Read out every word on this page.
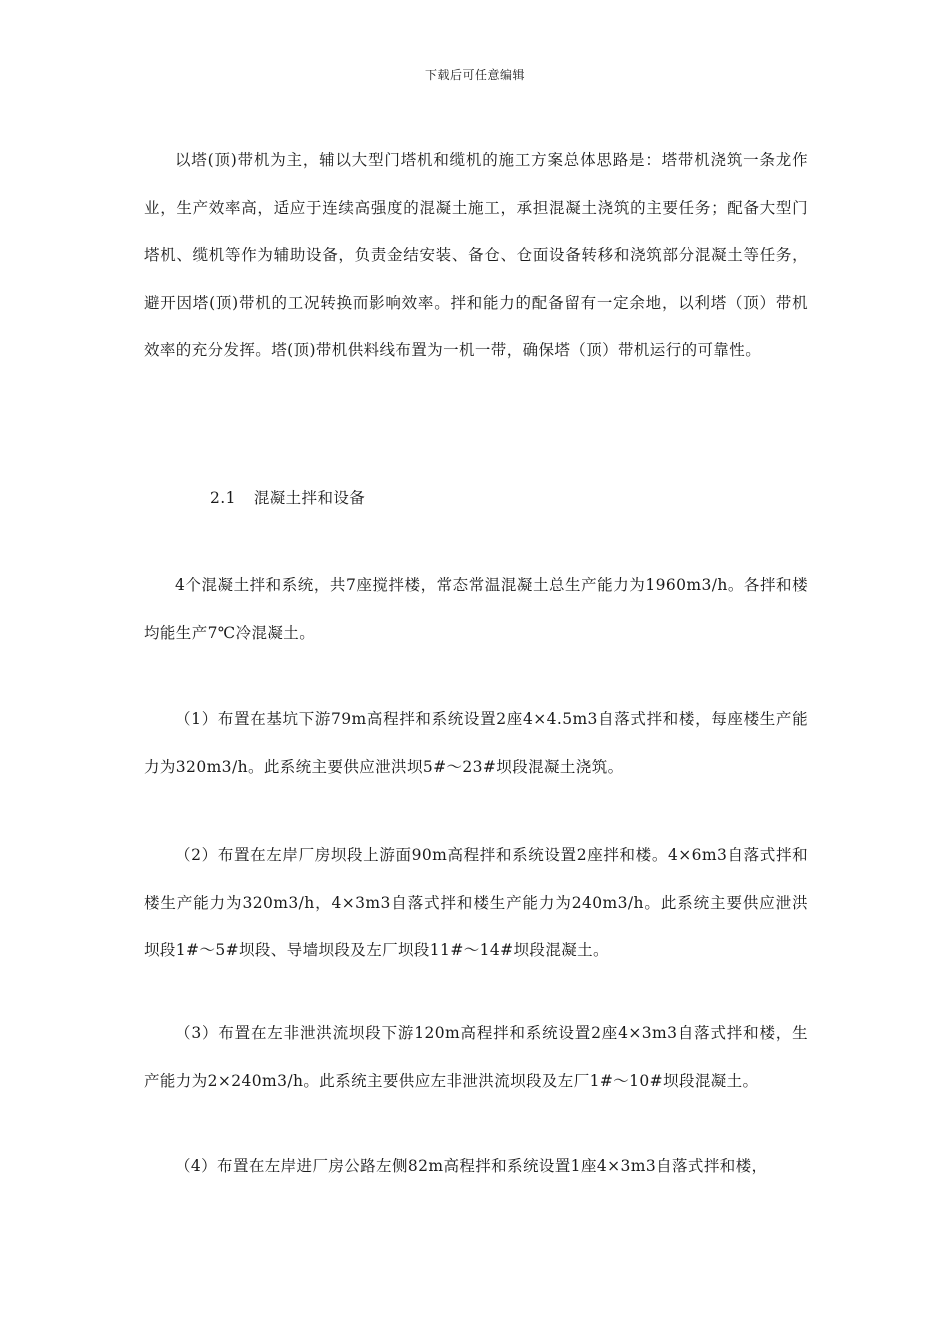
下载后可任意编辑

以塔(顶)带机为主，辅以大型门塔机和缆机的施工方案总体思路是：塔带机浇筑一条龙作业，生产效率高，适应于连续高强度的混凝土施工，承担混凝土浇筑的主要任务；配备大型门塔机、缆机等作为辅助设备，负责金结安装、备仓、仓面设备转移和浇筑部分混凝土等任务，避开因塔(顶)带机的工况转换而影响效率。拌和能力的配备留有一定余地，以利塔（顶）带机效率的充分发挥。塔(顶)带机供料线布置为一机一带，确保塔（顶）带机运行的可靠性。

2.1 混凝土拌和设备

4个混凝土拌和系统，共7座搅拌楼，常态常温混凝土总生产能力为1960m3/h。各拌和楼均能生产7℃冷混凝土。

（1）布置在基坑下游79m高程拌和系统设置2座4×4.5m3自落式拌和楼，每座楼生产能力为320m3/h。此系统主要供应泄洪坝5#～23#坝段混凝土浇筑。

（2）布置在左岸厂房坝段上游面90m高程拌和系统设置2座拌和楼。4×6m3自落式拌和楼生产能力为320m3/h，4×3m3自落式拌和楼生产能力为240m3/h。此系统主要供应泄洪坝段1#～5#坝段、导墙坝段及左厂坝段11#～14#坝段混凝土。

（3）布置在左非泄洪流坝段下游120m高程拌和系统设置2座4×3m3自落式拌和楼，生产能力为2×240m3/h。此系统主要供应左非泄洪流坝段及左厂1#～10#坝段混凝土。

（4）布置在左岸进厂房公路左侧82m高程拌和系统设置1座4×3m3自落式拌和楼，
